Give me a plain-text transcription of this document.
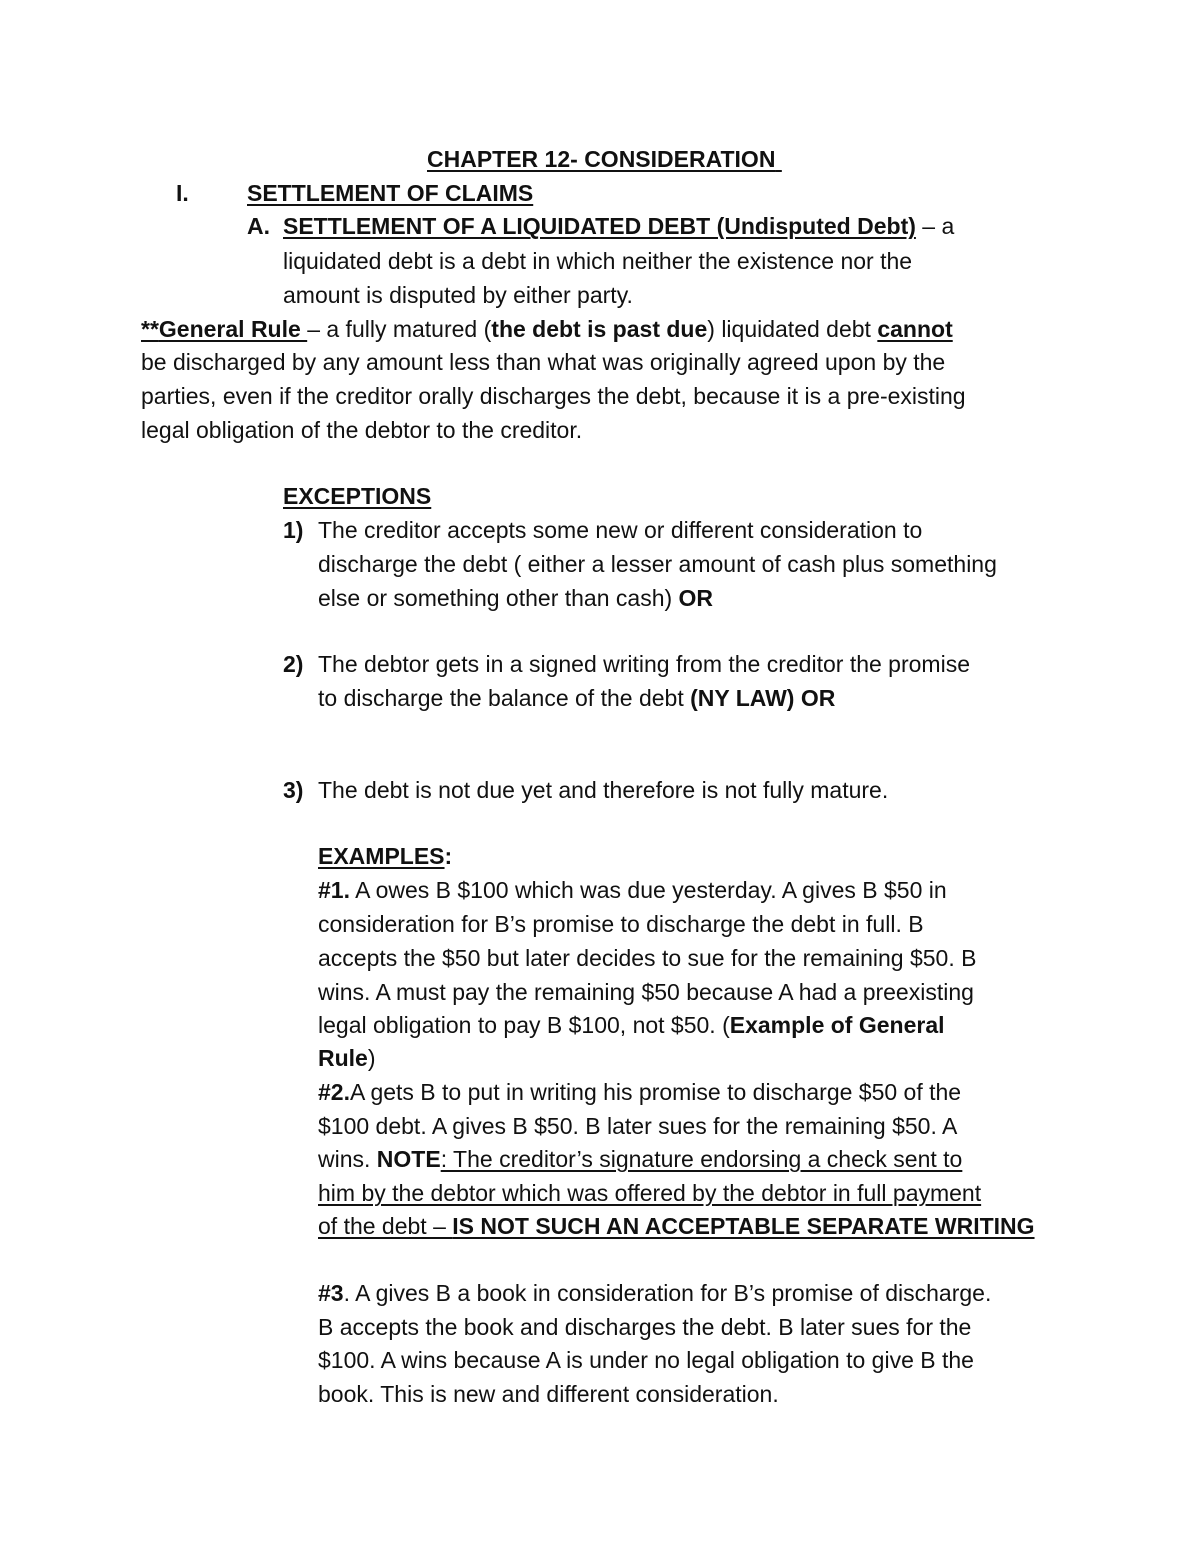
CHAPTER 12- CONSIDERATION
I.	SETTLEMENT OF CLAIMS
A. SETTLEMENT OF A LIQUIDATED DEBT (Undisputed Debt) – a
liquidated debt is a debt in which neither the existence nor the
amount is disputed by either party.
**General Rule – a fully matured (the debt is past due) liquidated debt cannot
be discharged by any amount less than what was originally agreed upon by the
parties, even if the creditor orally discharges the debt, because it is a pre-existing
legal obligation of the debtor to the creditor.
EXCEPTIONS
1) The creditor accepts some new or different consideration to
discharge the debt ( either a lesser amount of cash plus something
else or something other than cash) OR
2) The debtor gets in a signed writing from the creditor the promise
to discharge the balance of the debt (NY LAW) OR
3) The debt is not due yet and therefore is not fully mature.
EXAMPLES:
#1. A owes B $100 which was due yesterday. A gives B $50 in
consideration for B’s promise to discharge the debt in full. B
accepts the $50 but later decides to sue for the remaining $50. B
wins. A must pay the remaining $50 because A had a preexisting
legal obligation to pay B $100, not $50. (Example of General
Rule)
#2.A gets B to put in writing his promise to discharge $50 of the
$100 debt. A gives B $50. B later sues for the remaining $50. A
wins. NOTE: The creditor’s signature endorsing a check sent to
him by the debtor which was offered by the debtor in full payment
of the debt – IS NOT SUCH AN ACCEPTABLE SEPARATE WRITING
#3. A gives B a book in consideration for B’s promise of discharge.
B accepts the book and discharges the debt. B later sues for the
$100. A wins because A is under no legal obligation to give B the
book. This is new and different consideration.
